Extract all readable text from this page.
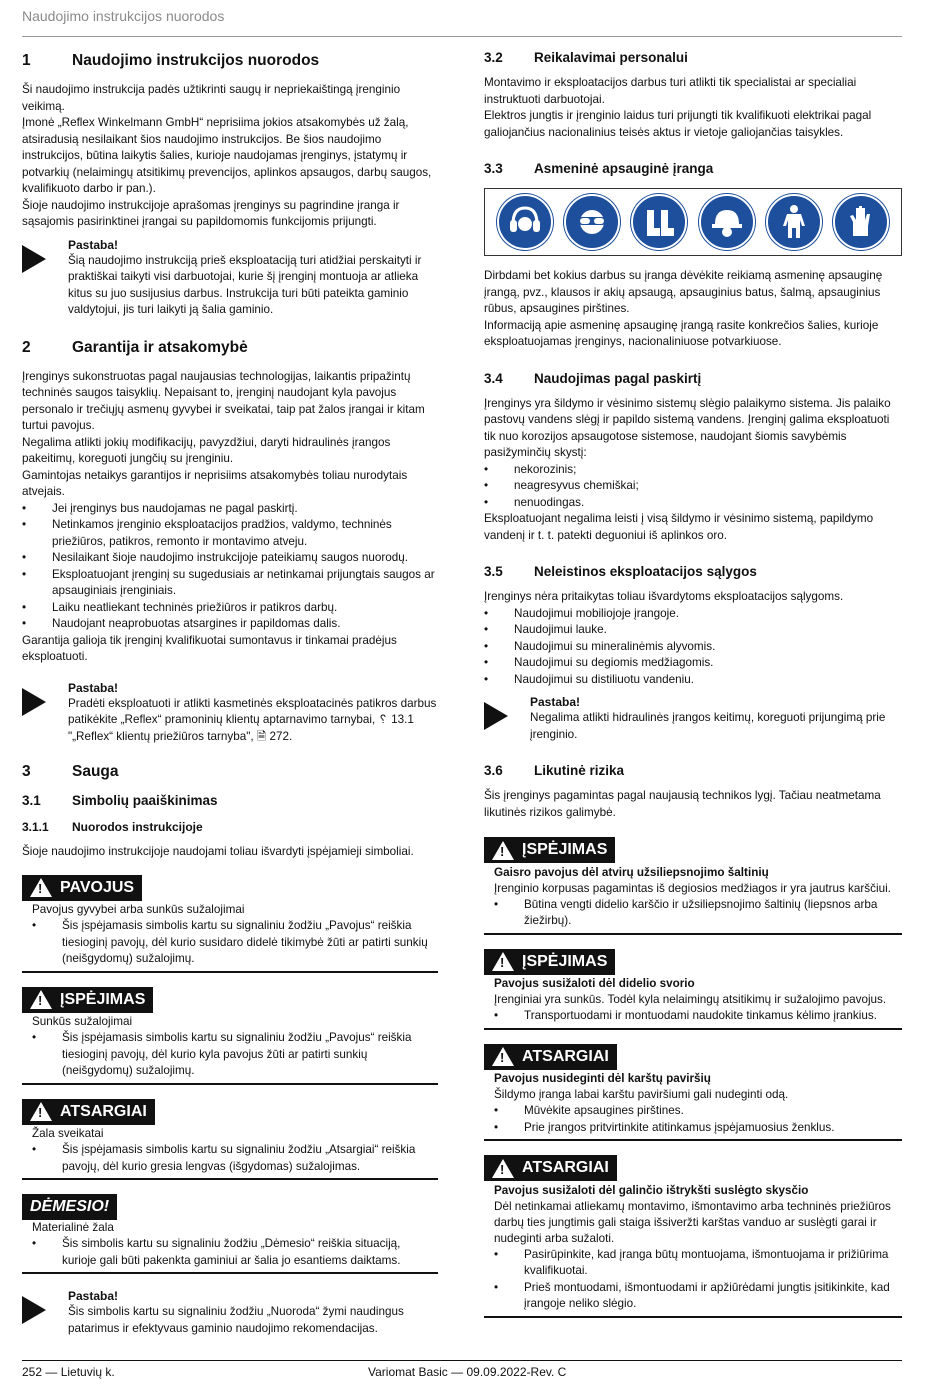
Naudojimo instrukcijos nuorodos
1	Naudojimo instrukcijos nuorodos

Ši naudojimo instrukcija padės užtikrinti saugų ir nepriekaištingą įrenginio veikimą.

Įmonė „Reflex Winkelmann GmbH“ neprisiima jokios atsakomybės už žalą, atsiradusią nesilaikant šios naudojimo instrukcijos. Be šios naudojimo instrukcijos, būtina laikytis šalies, kurioje naudojamas įrenginys, įstatymų ir potvarkių (nelaimingų atsitikimų prevencijos, aplinkos apsaugos, darbų saugos, kvalifikuoto darbo ir pan.).

Šioje naudojimo instrukcijoje aprašomas įrenginys su pagrindine įranga ir sąsajomis pasirinktinei įrangai su papildomomis funkcijomis prijungti.

Pastaba!

Šią naudojimo instrukciją prieš eksploataciją turi atidžiai perskaityti ir praktiškai taikyti visi darbuotojai, kurie šį įrenginį montuoja ar atlieka kitus su juo susijusius darbus. Instrukcija turi būti pateikta gaminio valdytojui, jis turi laikyti ją šalia gaminio.

2	Garantija ir atsakomybė

Įrenginys sukonstruotas pagal naujausias technologijas, laikantis pripažintų techninės saugos taisyklių. Nepaisant to, įrenginį naudojant kyla pavojus personalo ir trečiųjų asmenų gyvybei ir sveikatai, taip pat žalos įrangai ir kitam turtui pavojus.

Negalima atlikti jokių modifikacijų, pavyzdžiui, daryti hidraulinės įrangos pakeitimų, koreguoti jungčių su įrenginiu.

Gamintojas netaikys garantijos ir neprisiims atsakomybės toliau nurodytais atvejais.

• Jei įrenginys bus naudojamas ne pagal paskirtį.
• Netinkamos įrenginio eksploatacijos pradžios, valdymo, techninės priežiūros, patikros, remonto ir montavimo atveju.
• Nesilaikant šioje naudojimo instrukcijoje pateikiamų saugos nuorodų.
• Eksploatuojant įrenginį su sugedusiais ar netinkamai prijungtais saugos ar apsauginiais įrenginiais.
• Laiku neatliekant techninės priežiūros ir patikros darbų.
• Naudojant neaprobuotas atsargines ir papildomas dalis.

Garantija galioja tik įrenginį kvalifikuotai sumontavus ir tinkamai pradėjus eksploatuoti.

Pastaba!

Pradėti eksploatuoti ir atlikti kasmetinės eksploatacinės patikros darbus patikėkite „Reflex“ pramoninių klientų aptarnavimo tarnybai, ␦ 13.1 "„Reflex“ klientų priežiūros tarnyba", 🗎 272.

3	Sauga
3.1	Simbolių paaiškinimas
3.1.1	Nuorodos instrukcijoje

Šioje naudojimo instrukcijoje naudojami toliau išvardyti įspėjamieji simboliai.

!
PAVOJUS
Pavojus gyvybei arba sunkūs sužalojimai
• Šis įspėjamasis simbolis kartu su signaliniu žodžiu „Pavojus“ reiškia tiesioginį pavojų, dėl kurio susidaro didelė tikimybė žūti ar patirti sunkių (neišgydomų) sužalojimų.
!
ĮSPĖJIMAS
Sunkūs sužalojimai
• Šis įspėjamasis simbolis kartu su signaliniu žodžiu „Pavojus“ reiškia tiesioginį pavojų, dėl kurio kyla pavojus žūti ar patirti sunkių (neišgydomų) sužalojimų.
!
ATSARGIAI
Žala sveikatai
• Šis įspėjamasis simbolis kartu su signaliniu žodžiu „Atsargiai“ reiškia pavojų, dėl kurio gresia lengvas (išgydomas) sužalojimas.
DĖMESIO!
Materialinė žala
• Šis simbolis kartu su signaliniu žodžiu „Dėmesio“ reiškia situaciją, kurioje gali būti pakenkta gaminiui ar šalia jo esantiems daiktams.
Pastaba!

Šis simbolis kartu su signaliniu žodžiu „Nuoroda“ žymi naudingus patarimus ir efektyvaus gaminio naudojimo rekomendacijas.

3.2	Reikalavimai personalui

Montavimo ir eksploatacijos darbus turi atlikti tik specialistai ar specialiai instruktuoti darbuotojai.

Elektros jungtis ir įrenginio laidus turi prijungti tik kvalifikuoti elektrikai pagal galiojančius nacionalinius teisės aktus ir vietoje galiojančias taisykles.

3.3	Asmeninė apsauginė įranga

Dirbdami bet kokius darbus su įranga dėvėkite reikiamą asmeninę apsauginę įrangą, pvz., klausos ir akių apsaugą, apsauginius batus, šalmą, apsauginius rūbus, apsaugines pirštines.

Informaciją apie asmeninę apsauginę įrangą rasite konkrečios šalies, kurioje eksploatuojamas įrenginys, nacionaliniuose potvarkiuose.

3.4	Naudojimas pagal paskirtį

Įrenginys yra šildymo ir vėsinimo sistemų slėgio palaikymo sistema. Jis palaiko pastovų vandens slėgį ir papildo sistemą vandens. Įrenginį galima eksploatuoti tik nuo korozijos apsaugotose sistemose, naudojant šiomis savybėmis pasižyminčių skystį:

• nekorozinis;
• neagresyvus chemiškai;
• nenuodingas.

Eksploatuojant negalima leisti į visą šildymo ir vėsinimo sistemą, papildymo vandenį ir t. t. patekti deguoniui iš aplinkos oro.

3.5	Neleistinos eksploatacijos sąlygos

Įrenginys nėra pritaikytas toliau išvardytoms eksploatacijos sąlygoms.

• Naudojimui mobiliojoje įrangoje.
• Naudojimui lauke.
• Naudojimui su mineralinėmis alyvomis.
• Naudojimui su degiomis medžiagomis.
• Naudojimui su distiliuotu vandeniu.
Pastaba!

Negalima atlikti hidraulinės įrangos keitimų, koreguoti prijungimą prie įrenginio.

3.6	Likutinė rizika

Šis įrenginys pagamintas pagal naujausią technikos lygį. Tačiau neatmetama likutinės rizikos galimybė.

!
ĮSPĖJIMAS
Gaisro pavojus dėl atvirų užsiliepsnojimo šaltinių
Įrenginio korpusas pagamintas iš degiosios medžiagos ir yra jautrus karščiui.
• Būtina vengti didelio karščio ir užsiliepsnojimo šaltinių (liepsnos arba žiežirbų).
!
ĮSPĖJIMAS
Pavojus susižaloti dėl didelio svorio
Įrenginiai yra sunkūs. Todėl kyla nelaimingų atsitikimų ir sužalojimo pavojus.
• Transportuodami ir montuodami naudokite tinkamus kėlimo įrankius.
!
ATSARGIAI
Pavojus nusideginti dėl karštų paviršių
Šildymo įranga labai karštu paviršiumi gali nudeginti odą.
• Mūvėkite apsaugines pirštines.
• Prie įrangos pritvirtinkite atitinkamus įspėjamuosius ženklus.
!
ATSARGIAI
Pavojus susižaloti dėl galinčio ištrykšti suslėgto skysčio
Dėl netinkamai atliekamų montavimo, išmontavimo arba techninės priežiūros darbų ties jungtimis gali staiga išsiveržti karštas vanduo ar suslėgti garai ir nudeginti arba sužaloti.
• Pasirūpinkite, kad įranga būtų montuojama, išmontuojama ir prižiūrima kvalifikuotai.
• Prieš montuodami, išmontuodami ir apžiūrėdami jungtis įsitikinkite, kad įrangoje neliko slėgio.
252 — Lietuvių k.	Variomat Basic — 09.09.2022-Rev. C
